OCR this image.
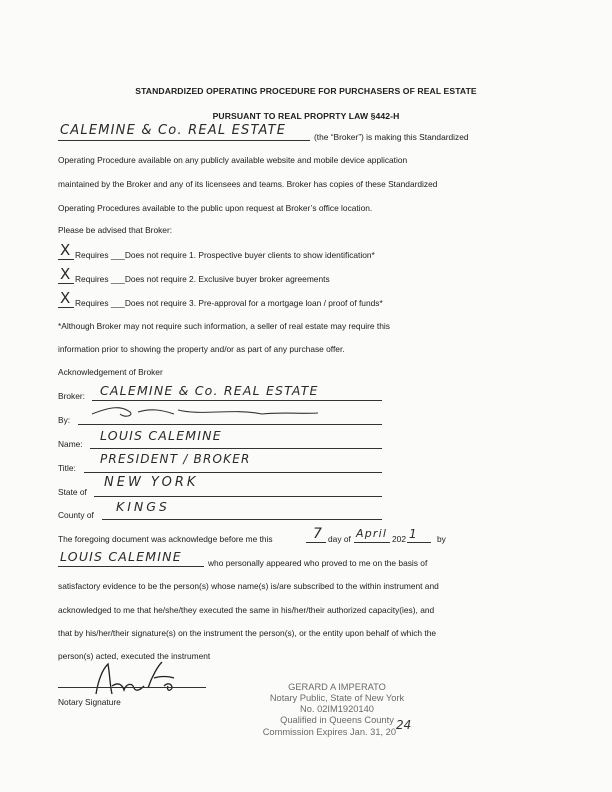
STANDARDIZED OPERATING PROCEDURE FOR PURCHASERS OF REAL ESTATE
PURSUANT TO REAL PROPRTY LAW §442-H
CALEMINE & Co. REAL ESTATE	(the “Broker”) is making this Standardized
Operating Procedure available on any publicly available website and mobile device application
maintained by the Broker and any of its licensees and teams. Broker has copies of these Standardized
Operating Procedures available to the public upon request at Broker’s office location.
Please be advised that Broker:
X Requires ___Does not require 1. Prospective buyer clients to show identification*
X Requires ___Does not require 2. Exclusive buyer broker agreements
X Requires ___Does not require 3. Pre-approval for a mortgage loan / proof of funds*
*Although Broker may not require such information, a seller of real estate may require this
information prior to showing the property and/or as part of any purchase offer.
Acknowledgement of Broker
Broker: CALEMINE & Co. REAL ESTATE
By:
Name:
LOUIS CALEMINE
Title:
PRESIDENT / BROKER
State of
NEW YORK
County of
KINGS
The foregoing document was acknowledge before me this	7 day of April 202 1 by
LOUIS CALEMINE	who personally appeared who proved to me on the basis of
satisfactory evidence to be the person(s) whose name(s) is/are subscribed to the within instrument and
acknowledged to me that he/she/they executed the same in his/her/their authorized capacity(ies), and
that by his/her/their signature(s) on the instrument the person(s), or the entity upon behalf of which the
person(s) acted, executed the instrument
Notary Signature
GERARD A IMPERATO
Notary Public, State of New York
No. 02IM1920140
Qualified in Queens County
Commission Expires Jan. 31, 2024
